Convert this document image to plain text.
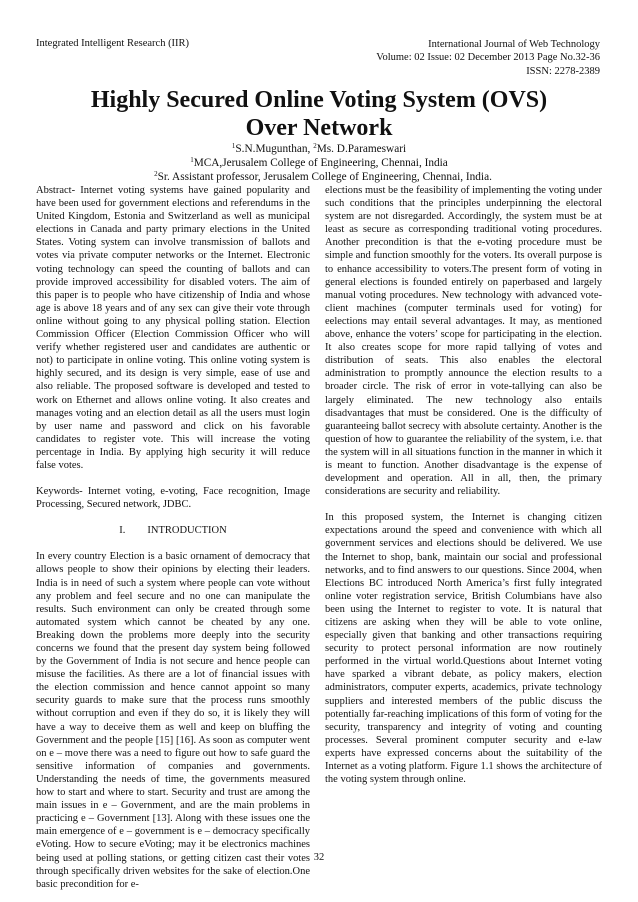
Integrated Intelligent Research (IIR)	International Journal of Web Technology
Volume: 02 Issue: 02 December 2013 Page No.32-36
ISSN: 2278-2389
Highly Secured Online Voting System (OVS)
Over Network
$^1$S.N.Mugunthan, $^2$Ms. D.Parameswari
$^1$MCA,Jerusalem College of Engineering, Chennai, India
$^2$Sr. Assistant professor, Jerusalem College of Engineering, Chennai, India.

Abstract- Internet voting systems have gained popularity and have been used for government elections and referendums in the United Kingdom, Estonia and Switzerland as well as municipal elections in Canada and party primary elections in the United States. Voting system can involve transmission of ballots and votes via private computer networks or the Internet. Electronic voting technology can speed the counting of ballots and can provide improved accessibility for disabled voters. The aim of this paper is to people who have citizenship of India and whose age is above 18 years and of any sex can give their vote through online without going to any physical polling station. Election Commission Officer (Election Commission Officer who will verify whether registered user and candidates are authentic or not) to participate in online voting. This online voting system is highly secured, and its design is very simple, ease of use and also reliable. The proposed software is developed and tested to work on Ethernet and allows online voting. It also creates and manages voting and an election detail as all the users must login by user name and password and click on his favorable candidates to register vote. This will increase the voting percentage in India. By applying high security it will reduce false votes.

Keywords- Internet voting, e-voting, Face recognition, Image Processing, Secured network, JDBC.

I. INTRODUCTION

In every country Election is a basic ornament of democracy that allows people to show their opinions by electing their leaders. India is in need of such a system where people can vote without any problem and feel secure and no one can manipulate the results. Such environment can only be created through some automated system which cannot be cheated by any one. Breaking down the problems more deeply into the security concerns we found that the present day system being followed by the Government of India is not secure and hence people can misuse the facilities. As there are a lot of financial issues with the election commission and hence cannot appoint so many security guards to make sure that the process runs smoothly without corruption and even if they do so, it is likely they will have a way to deceive them as well and keep on bluffing the Government and the people [15] [16]. As soon as computer went on e – move there was a need to figure out how to safe guard the sensitive information of companies and governments. Understanding the needs of time, the governments measured how to start and where to start. Security and trust are among the main issues in e – Government, and are the main problems in practicing e – Government [13]. Along with these issues one the main emergence of e – government is e – democracy specifically eVoting. How to secure eVoting; may it be electronics machines being used at polling stations, or getting citizen cast their votes through specifically driven websites for the sake of election.One basic precondition for e-

elections must be the feasibility of implementing the voting under such conditions that the principles underpinning the electoral system are not disregarded. Accordingly, the system must be at least as secure as corresponding traditional voting procedures. Another precondition is that the e-voting procedure must be simple and function smoothly for the voters. Its overall purpose is to enhance accessibility to voters.The present form of voting in general elections is founded entirely on paperbased and largely manual voting procedures. New technology with advanced vote-client machines (computer terminals used for voting) for eelections may entail several advantages. It may, as mentioned above, enhance the voters’ scope for participating in the election. It also creates scope for more rapid tallying of votes and distribution of seats. This also enables the electoral administration to promptly announce the election results to a broader circle. The risk of error in vote-tallying can also be largely eliminated. The new technology also entails disadvantages that must be considered. One is the difficulty of guaranteeing ballot secrecy with absolute certainty. Another is the question of how to guarantee the reliability of the system, i.e. that the system will in all situations function in the manner in which it is meant to function. Another disadvantage is the expense of development and operation. All in all, then, the primary considerations are security and reliability.

In this proposed system, the Internet is changing citizen expectations around the speed and convenience with which all government services and elections should be delivered. We use the Internet to shop, bank, maintain our social and professional networks, and to find answers to our questions. Since 2004, when Elections BC introduced North America’s first fully integrated online voter registration service, British Columbians have also been using the Internet to register to vote. It is natural that citizens are asking when they will be able to vote online, especially given that banking and other transactions requiring security to protect personal information are now routinely performed in the virtual world.Questions about Internet voting have sparked a vibrant debate, as policy makers, election administrators, computer experts, academics, private technology suppliers and interested members of the public discuss the potentially far-reaching implications of this form of voting for the security, transparency and integrity of voting and counting processes. Several prominent computer security and e-law experts have expressed concerns about the suitability of the Internet as a voting platform. Figure 1.1 shows the architecture of the voting system through online.

32
